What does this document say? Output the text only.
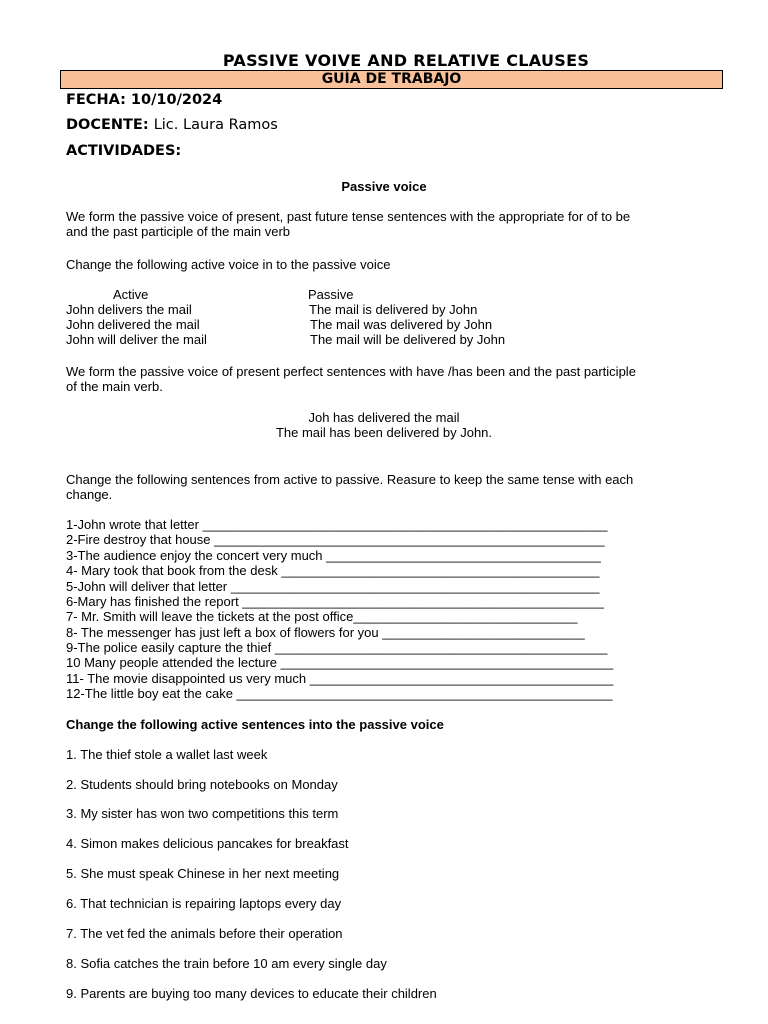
PASSIVE VOIVE AND RELATIVE CLAUSES
GUÍA DE TRABAJO
FECHA: 10/10/2024
DOCENTE: Lic. Laura Ramos
ACTIVIDADES:
Passive voice
We form the passive voice of present, past future tense sentences with the appropriate for of to be
and the past participle of the main verb
Change the following active voice in to the passive voice
Active	Passive
John delivers the mail	The mail is delivered by John
John delivered the mail	The mail was delivered by John
John will deliver the mail	The mail will be delivered by John
We form the passive voice of present perfect sentences with have /has been and the past participle
of the main verb.
Joh has delivered the mail
The mail has been delivered by John.
Change the following sentences from active to passive. Reasure to keep the same tense with each
change.
1-John wrote that letter ________________________________________________________
2-Fire destroy that house ______________________________________________________
3-The audience enjoy the concert very much ______________________________________
4- Mary took that book from the desk ____________________________________________
5-John will deliver that letter ___________________________________________________
6-Mary has finished the report __________________________________________________
7- Mr. Smith will leave the tickets at the post office_______________________________
8- The messenger has just left a box of flowers for you ____________________________
9-The police easily capture the thief ______________________________________________
10 Many people attended the lecture ______________________________________________
11- The movie disappointed us very much __________________________________________
12-The little boy eat the cake ____________________________________________________
Change the following active sentences into the passive voice
1. The thief stole a wallet last week
2. Students should bring notebooks on Monday
3. My sister has won two competitions this term
4. Simon makes delicious pancakes for breakfast
5. She must speak Chinese in her next meeting
6. That technician is repairing laptops every day
7. The vet fed the animals before their operation
8. Sofia catches the train before 10 am every single day
9. Parents are buying too many devices to educate their children
